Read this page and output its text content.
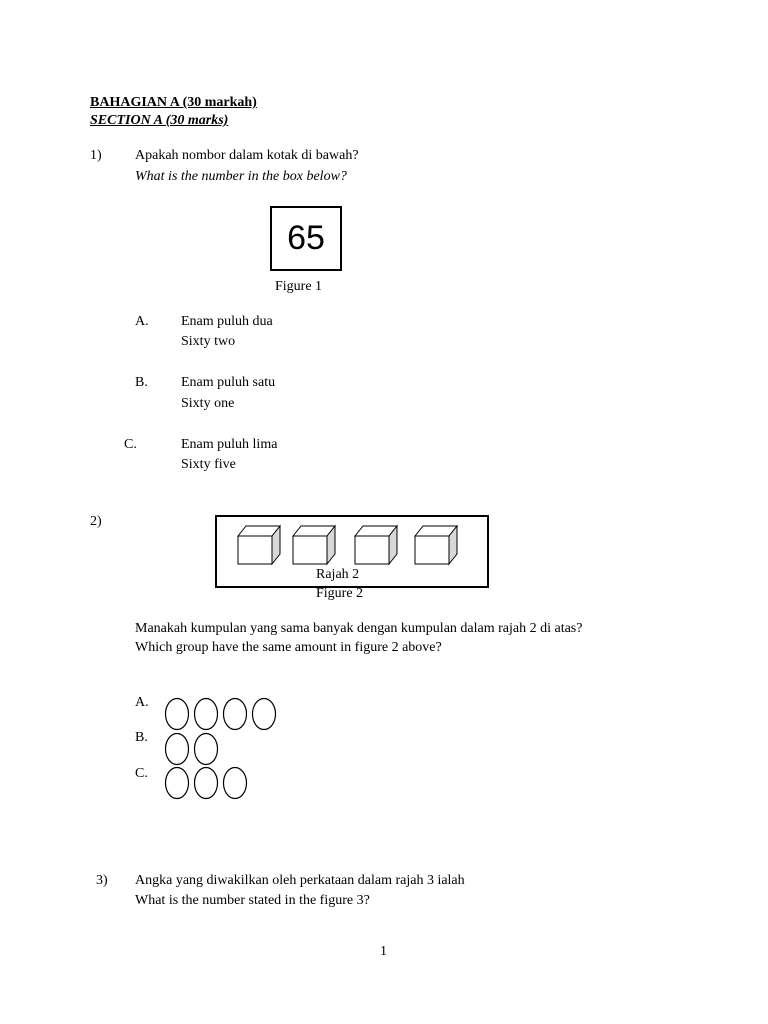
BAHAGIAN A (30 markah)
SECTION A (30 marks)
1) Apakah nombor dalam kotak di bawah?
What is the number in the box below?
65
Figure 1
A. Enam puluh dua
Sixty two
B. Enam puluh satu
Sixty one
C.	Enam puluh lima
Sixty five
2)
Rajah 2
Figure 2
Manakah kumpulan yang sama banyak dengan kumpulan dalam rajah 2 di atas?
Which group have the same amount in figure 2 above?
A.
B.
C.
3) Angka yang diwakilkan oleh perkataan dalam rajah 3 ialah
What is the number stated in the figure 3?
1
